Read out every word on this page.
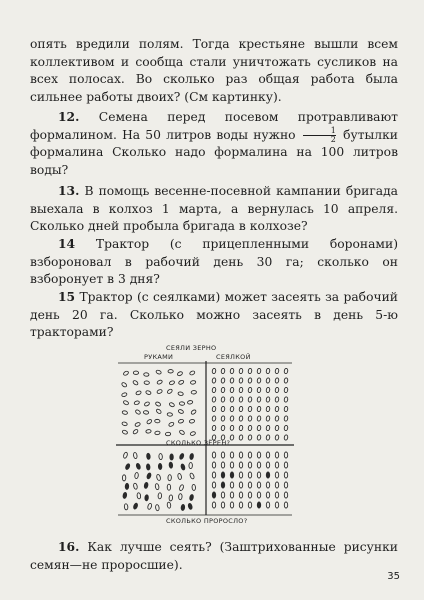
опять вредили полям. Тогда крестьяне вышли всем коллективом и сообща стали уничтожать сусликов на всех полосах. Во сколько раз общая работа была сильнее работы двоих? (См картинку).

12. Семена перед посевом протравливают формалином. На 50 литров воды нужно $\frac{1}{2}$ бутылки формалина Сколько надо формалина на 100 литров воды?

13. В помощь весенне-посевной кампании бригада выехала в колхоз 1 марта, а вернулась 10 апреля. Сколько дней пробыла бригада в колхозе?

14 Трактор (с прицепленными боронами) взборонoвал в рабочий день 30 га; сколько он взборонует в 3 дня?

15 Трактор (с сеялками) может засеять за рабочий день 20 га. Сколько можно засеять в день 5-ю тракторами?

СЕЯЛИ ЗЕРНО
РУКАМИ	СЕЯЛКОЙ
СКОЛЬКО ЗЁРЕН?
СКОЛЬКО ПРОРОСЛО?

16. Как лучше сеять? (Заштрихованные рисунки семян—не проросшие).

35
